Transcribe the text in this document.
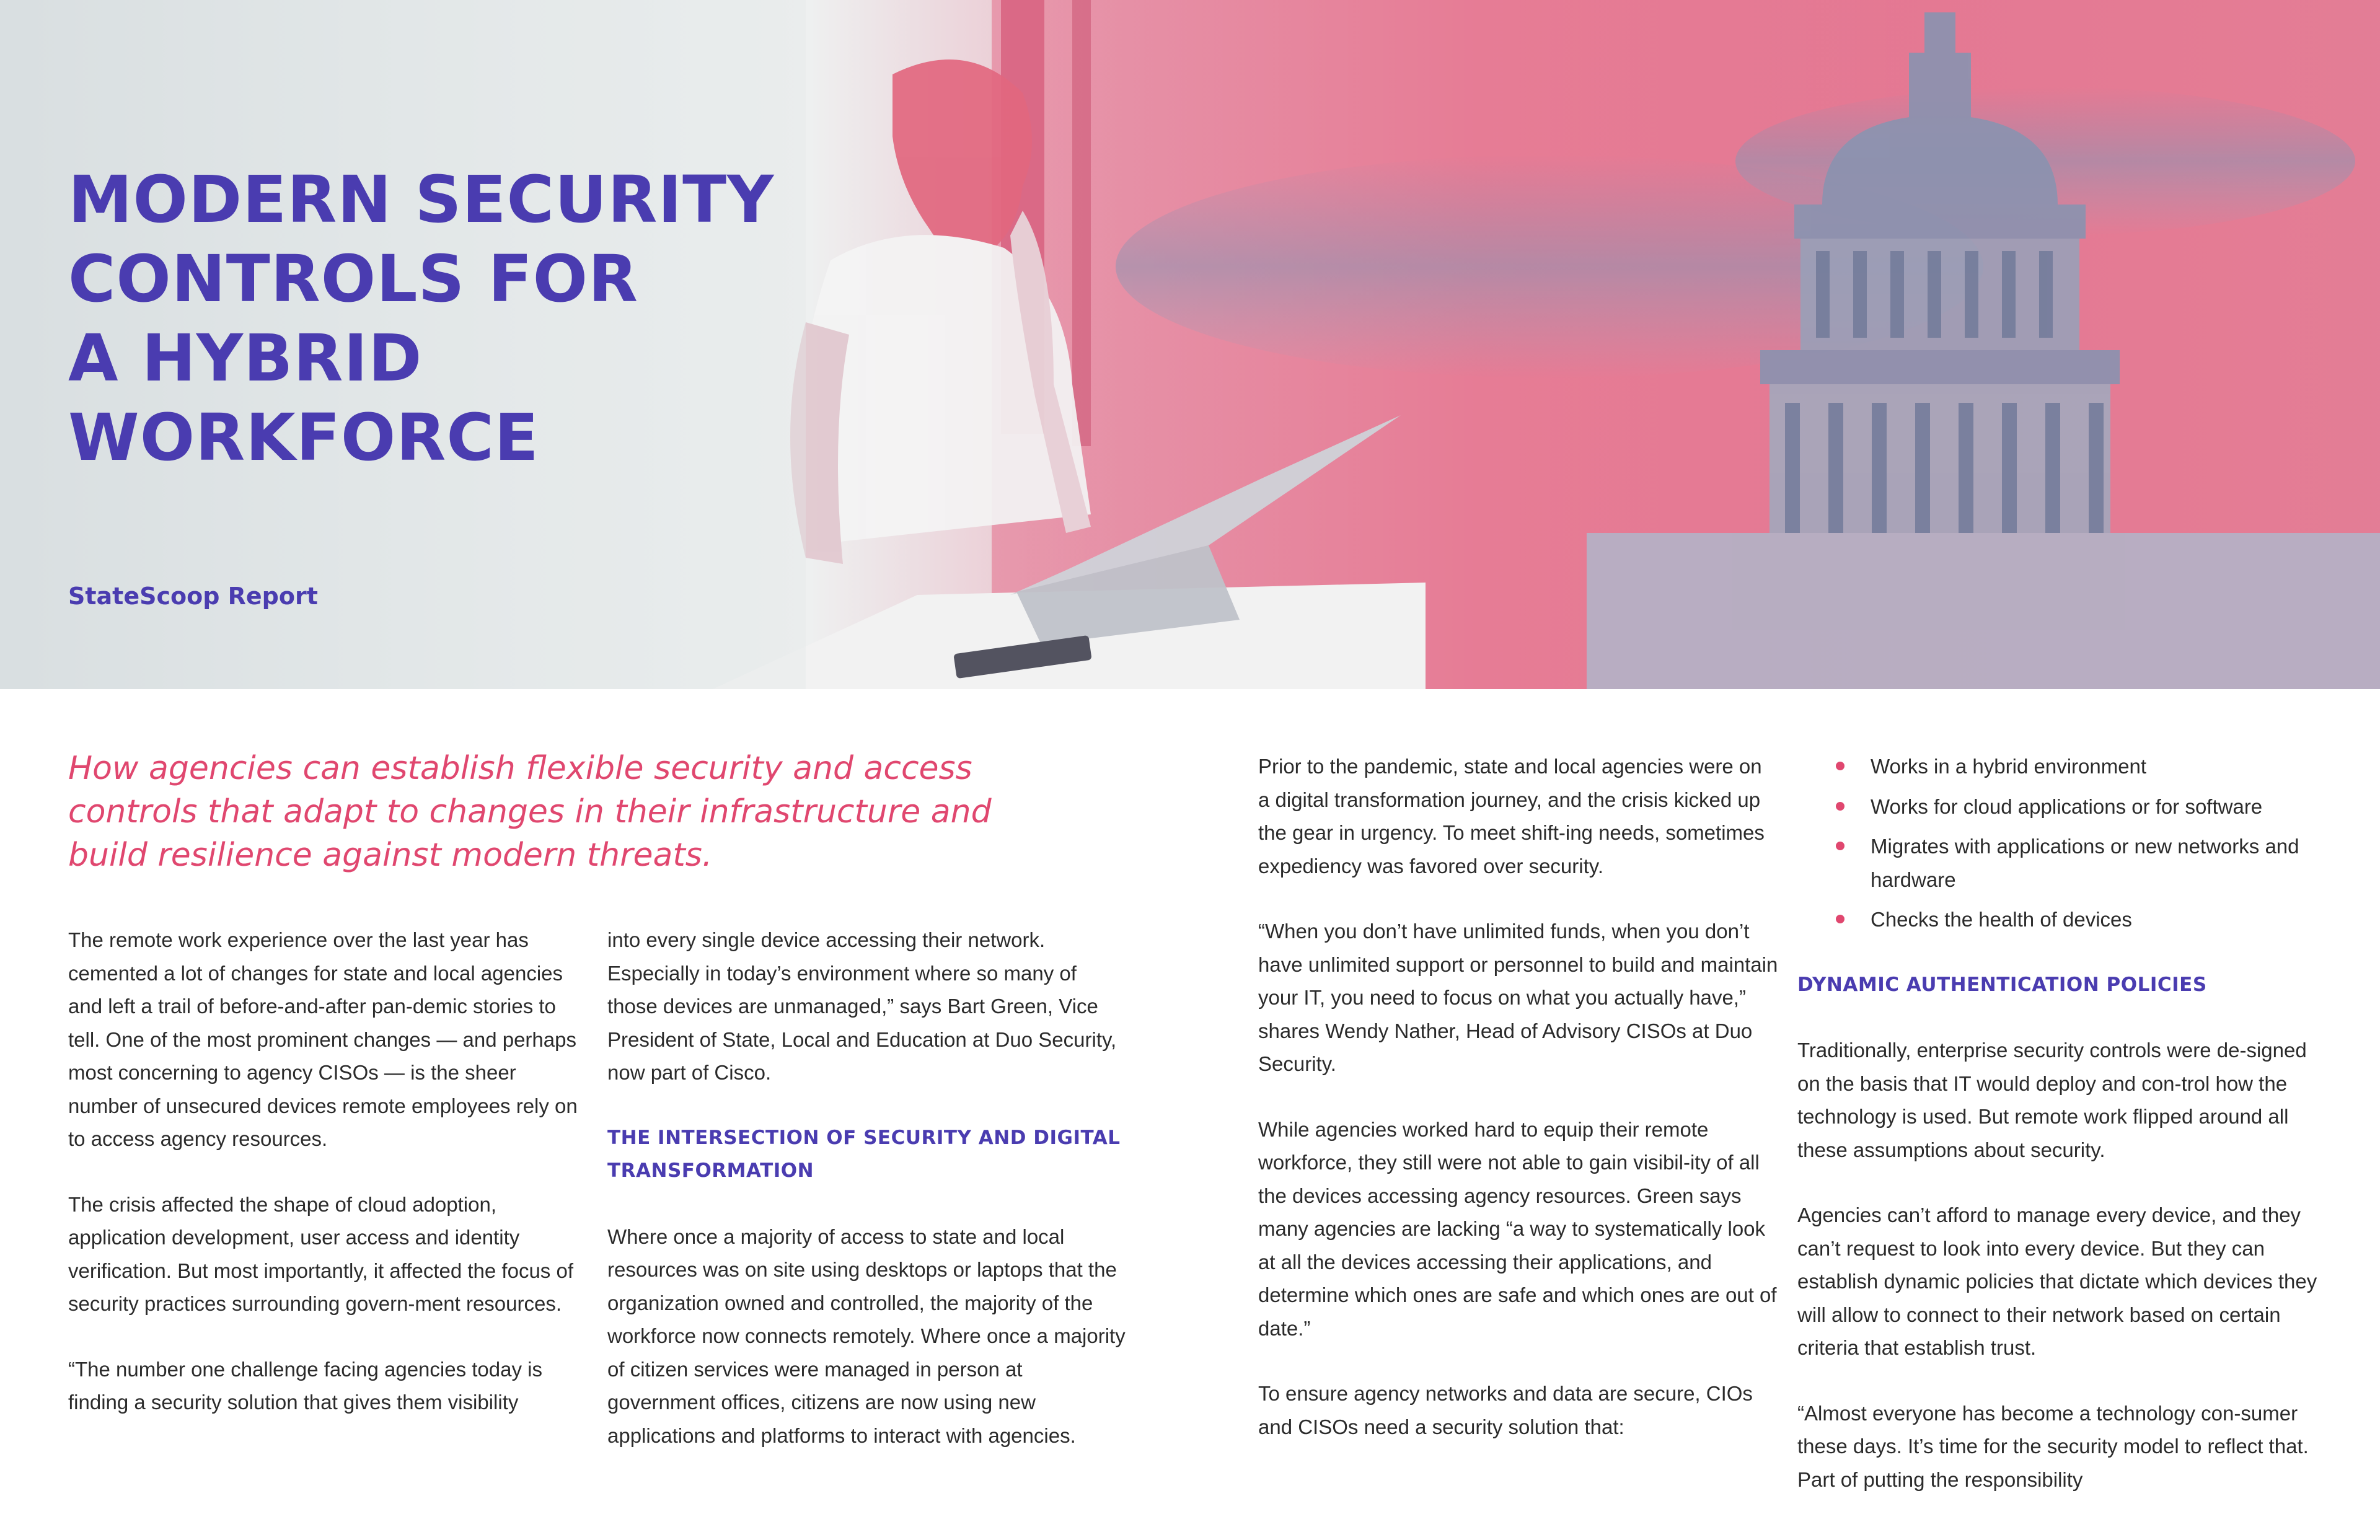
MODERN SECURITY
CONTROLS FOR
A HYBRID
WORKFORCE

StateScoop Report

How agencies can establish flexible security and access controls that adapt to changes in their infrastructure and build resilience against modern threats.

The remote work experience over the last year has cemented a lot of changes for state and local agencies and left a trail of before-and-after pan-demic stories to tell. One of the most prominent changes — and perhaps most concerning to agency CISOs — is the sheer number of unsecured devices remote employees rely on to access agency resources.

The crisis affected the shape of cloud adoption, application development, user access and identity verification. But most importantly, it affected the focus of security practices surrounding govern-ment resources.

“The number one challenge facing agencies today is finding a security solution that gives them visibility

into every single device accessing their network. Especially in today’s environment where so many of those devices are unmanaged,” says Bart Green, Vice President of State, Local and Education at Duo Security, now part of Cisco.

THE INTERSECTION OF SECURITY AND DIGITAL TRANSFORMATION

Where once a majority of access to state and local resources was on site using desktops or laptops that the organization owned and controlled, the majority of the workforce now connects remotely. Where once a majority of citizen services were managed in person at government offices, citizens are now using new applications and platforms to interact with agencies.

Prior to the pandemic, state and local agencies were on a digital transformation journey, and the crisis kicked up the gear in urgency. To meet shift-ing needs, sometimes expediency was favored over security.

“When you don’t have unlimited funds, when you don’t have unlimited support or personnel to build and maintain your IT, you need to focus on what you actually have,” shares Wendy Nather, Head of Advisory CISOs at Duo Security.

While agencies worked hard to equip their remote workforce, they still were not able to gain visibil-ity of all the devices accessing agency resources. Green says many agencies are lacking “a way to systematically look at all the devices accessing their applications, and determine which ones are safe and which ones are out of date.”

To ensure agency networks and data are secure, CIOs and CISOs need a security solution that:

Works in a hybrid environment
Works for cloud applications or for software
Migrates with applications or new networks and hardware
Checks the health of devices
DYNAMIC AUTHENTICATION POLICIES

Traditionally, enterprise security controls were de-signed on the basis that IT would deploy and con-trol how the technology is used. But remote work flipped around all these assumptions about security.

Agencies can’t afford to manage every device, and they can’t request to look into every device. But they can establish dynamic policies that dictate which devices they will allow to connect to their network based on certain criteria that establish trust.

“Almost everyone has become a technology con-sumer these days. It’s time for the security model to reflect that. Part of putting the responsibility
